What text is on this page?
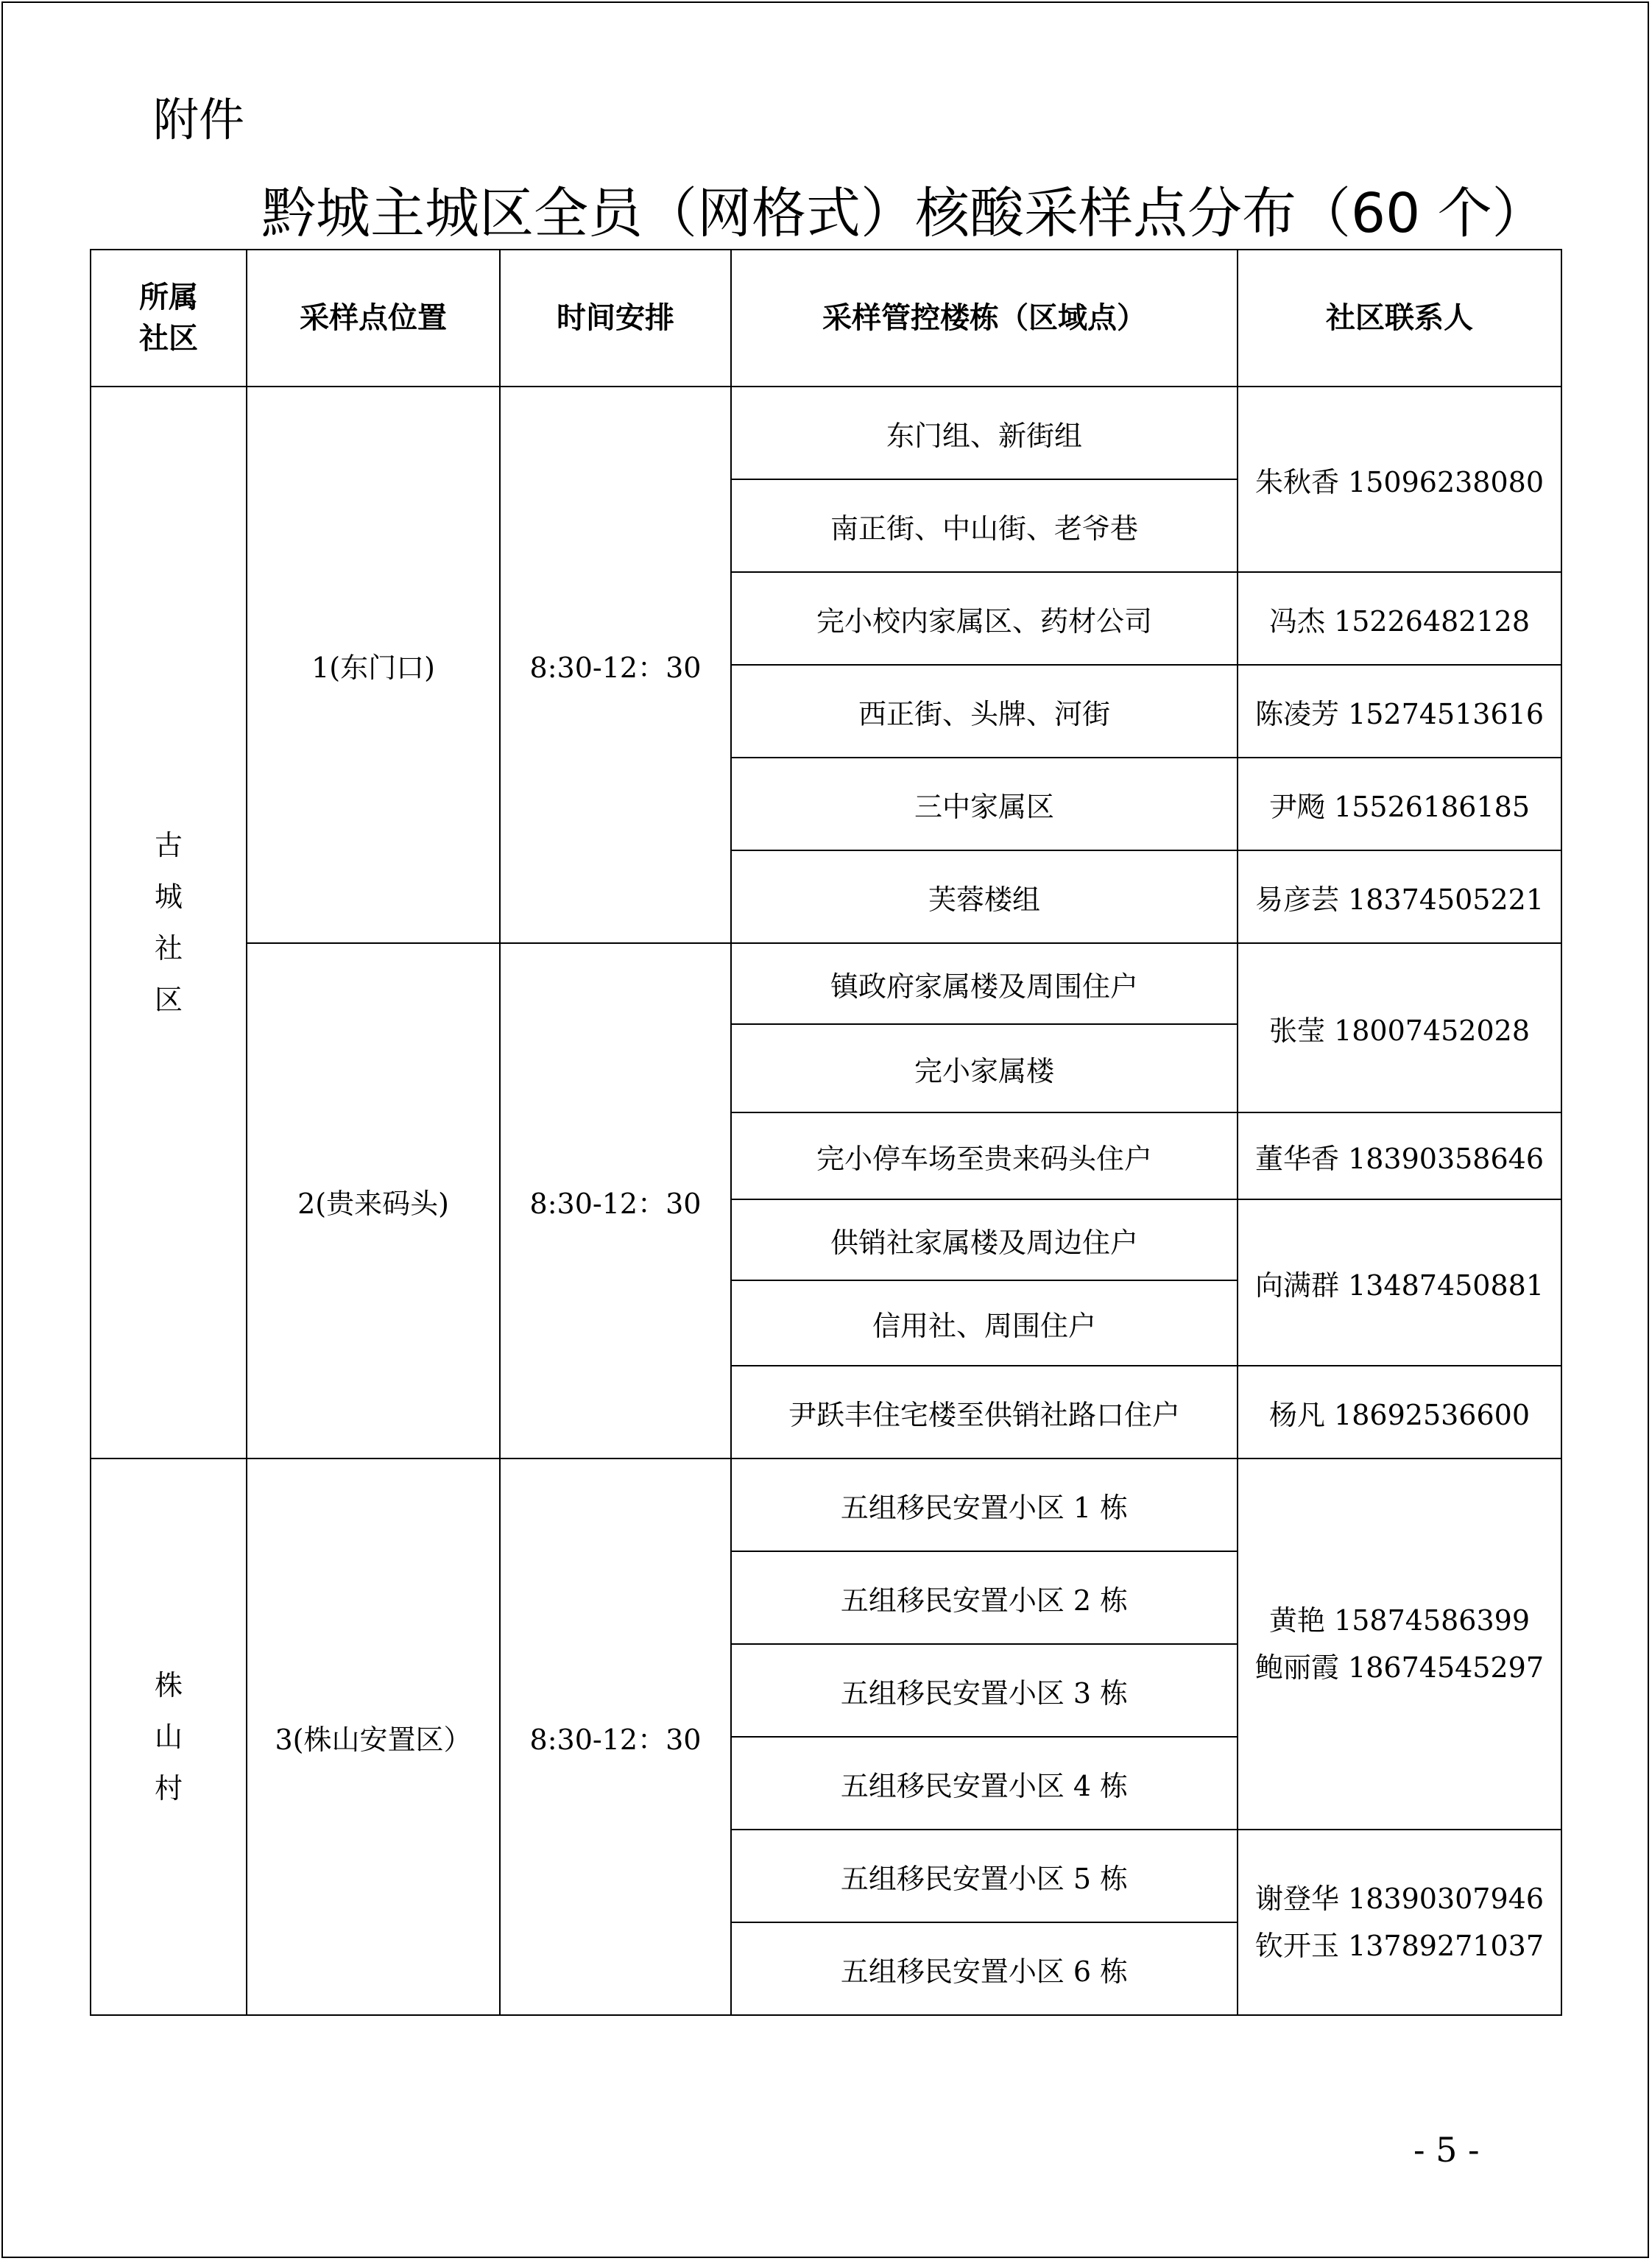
附件
黔城主城区全员（网格式）核酸采样点分布（60 个）
所属
社区	采样点位置	时间安排	采样管控楼栋（区域点）	社区联系人

古
城
社
区	1(东门口)	8:30-12：30	东门组、新街组	朱秋香 15096238080
			南正街、中山街、老爷巷	
			完小校内家属区、药材公司	冯杰 15226482128
			西正街、头牌、河街	陈凌芳 15274513616
			三中家属区	尹飏 15526186185
			芙蓉楼组	易彦芸 18374505221
	2(贵来码头)	8:30-12：30	镇政府家属楼及周围住户	张莹 18007452028
			完小家属楼	
			完小停车场至贵来码头住户	董华香 18390358646
			供销社家属楼及周边住户	向满群 13487450881
			信用社、周围住户	
			尹跃丰住宅楼至供销社路口住户	杨凡 18692536600

株
山
村	3(株山安置区）	8:30-12：30	五组移民安置小区 1 栋	黄艳 15874586399
鲍丽霞 18674545297

			五组移民安置小区 2 栋	
			五组移民安置小区 3 栋	
			五组移民安置小区 4 栋	
			五组移民安置小区 5 栋	谢登华 18390307946
钦开玉 13789271037

			五组移民安置小区 6 栋	
- 5 -
